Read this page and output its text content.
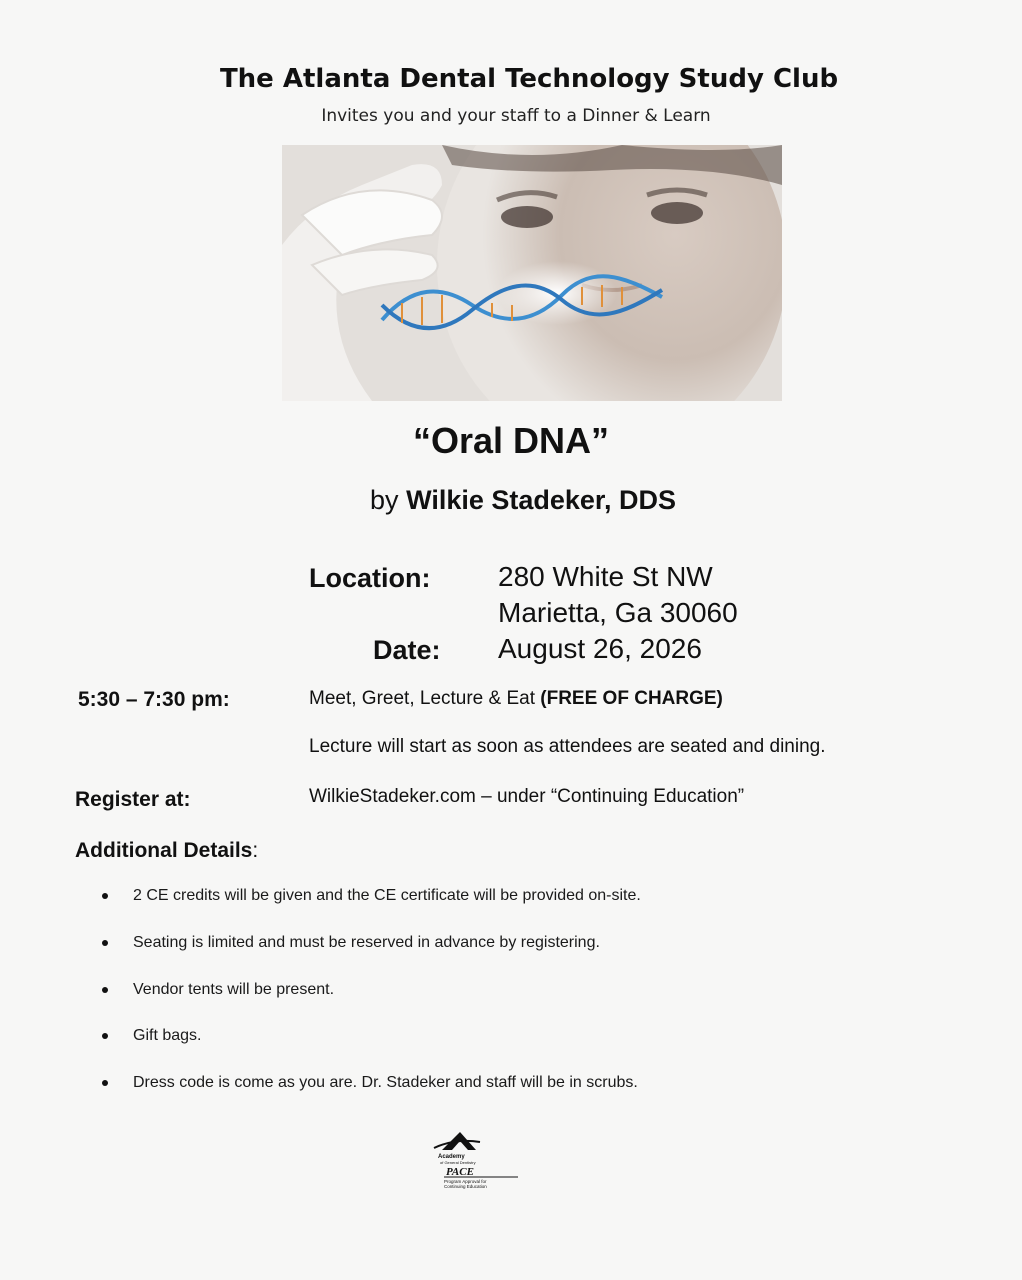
The Atlanta Dental Technology Study Club
Invites you and your staff to a Dinner & Learn
“Oral DNA”
by Wilkie Stadeker, DDS
Location: 280 White St NW
Marietta, Ga 30060
Date: August 26, 2026
5:30 – 7:30 pm:	Meet, Greet, Lecture & Eat (FREE OF CHARGE)
Lecture will start as soon as attendees are seated and dining.
Register at:	WilkieStadeker.com – under “Continuing Education”
Additional Details:
2 CE credits will be given and the CE certificate will be provided on-site.
Seating is limited and must be reserved in advance by registering.
Vendor tents will be present.
Gift bags.
Dress code is come as you are. Dr. Stadeker and staff will be in scrubs.
Academy
of General Dentistry
PACE
Program Approval for
Continuing Education
